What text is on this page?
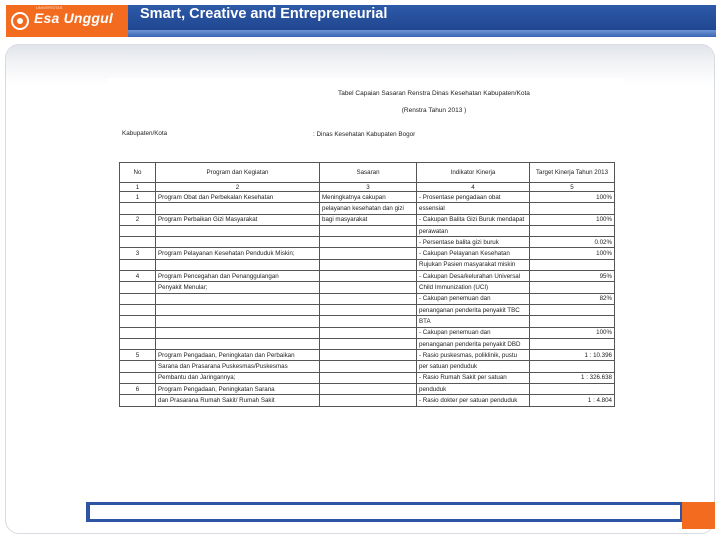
UNIVERSITAS
Esa Unggul Smart, Creative and Entrepreneurial
Tabel Capaian Sasaran Renstra Dinas Kesehatan Kabupaten/Kota
(Renstra Tahun 2013 )
Kabupaten/Kota	: Dinas Kesehatan Kabupaten Bogor
No	Program dan Kegiatan	Sasaran	Indikator Kinerja	Target Kinerja Tahun 2013
1	2	3	4	5
1	Program Obat dan Perbekalan Kesehatan	Meningkatnya cakupan	- Prosentase pengadaan obat	100%
		pelayanan kesehatan dan gizi	essensial	
2	Program Perbaikan Gizi Masyarakat	bagi masyarakat	- Cakupan Balita Gizi Buruk mendapat	100%
			perawatan	
			- Persentase balita gizi buruk	0.02%
3	Program Pelayanan Kesehatan Penduduk Miskin;		- Cakupan Pelayanan Kesehatan	100%
			Rujukan Pasien masyarakat miskin	
4	Program Pencegahan dan Penanggulangan		- Cakupan Desa/kelurahan Universal	95%
	Penyakit Menular;		Child Immunization (UCI)	
			- Cakupan penemuan dan	82%
			penanganan penderita penyakit TBC	
			BTA	
			- Cakupan penemuan dan	100%
			penanganan penderita penyakit DBD	
5	Program Pengadaan, Peningkatan dan Perbaikan		- Rasio puskesmas, poliklinik, pustu	1 : 10.396
	Sarana dan Prasarana Puskesmas/Puskesmas		per satuan penduduk	
	Pembantu dan Jaringannya;		- Rasio Rumah Sakit per satuan	1 : 326.638
6	Program Pengadaan, Peningkatan Sarana		penduduk	
	dan Prasarana Rumah Sakit/ Rumah Sakit		- Rasio dokter per satuan penduduk	1 : 4.804
